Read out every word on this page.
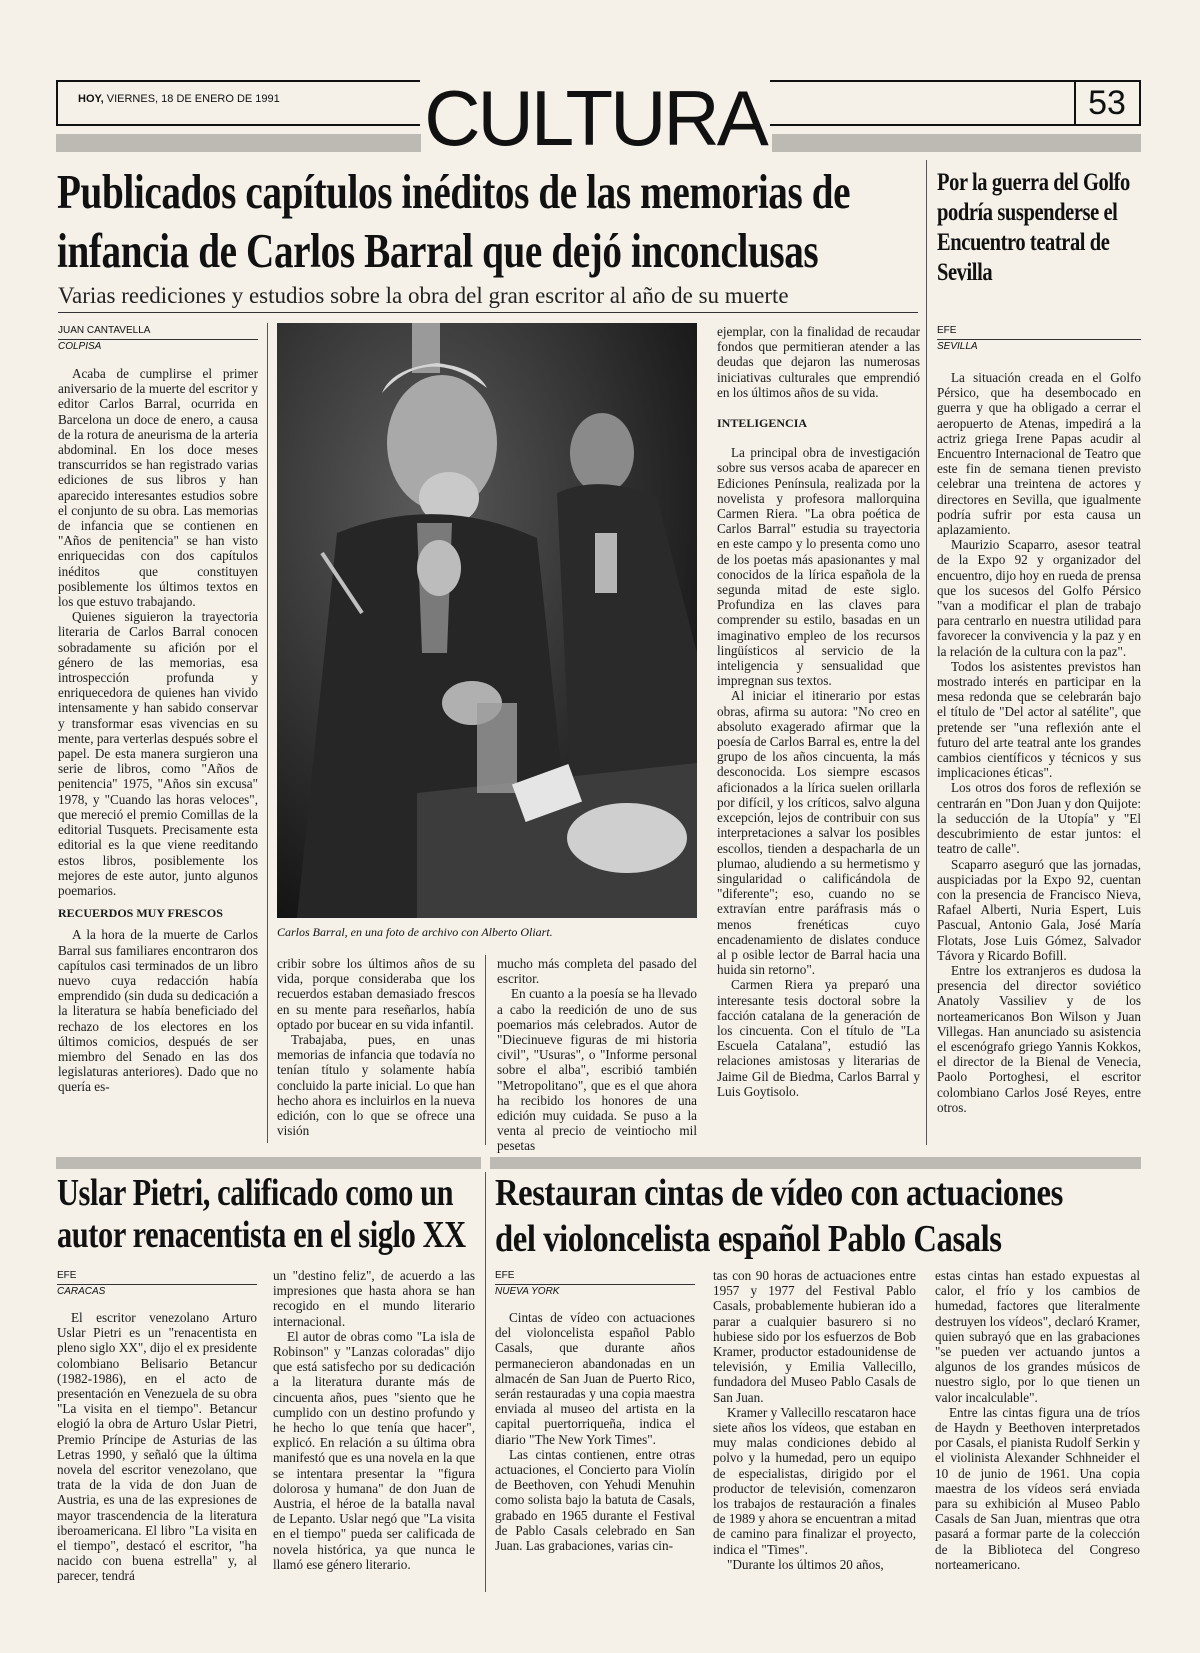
HOY, VIERNES, 18 DE ENERO DE 1991 CULTURA	53
Publicados capítulos inéditos de las memorias de
infancia de Carlos Barral que dejó inconclusas
Varias reediciones y estudios sobre la obra del gran escritor al año de su muerte
JUAN CANTAVELLA
COLPISA

Acaba de cumplirse el primer aniversario de la muerte del escritor y editor Carlos Barral, ocurrida en Barcelona un doce de enero, a causa de la rotura de aneurisma de la arteria abdominal. En los doce meses transcurridos se han registrado varias ediciones de sus libros y han aparecido interesantes estudios sobre el conjunto de su obra. Las memorias de infancia que se contienen en "Años de penitencia" se han visto enriquecidas con dos capítulos inéditos que constituyen posiblemente los últimos textos en los que estuvo trabajando.

Quienes siguieron la trayectoria literaria de Carlos Barral conocen sobradamente su afición por el género de las memorias, esa introspección profunda y enriquecedora de quienes han vivido intensamente y han sabido conservar y transformar esas vivencias en su mente, para verterlas después sobre el papel. De esta manera surgieron una serie de libros, como "Años de penitencia" 1975, "Años sin excusa" 1978, y "Cuando las horas veloces", que mereció el premio Comillas de la editorial Tusquets. Precisamente esta editorial es la que viene reeditando estos libros, posiblemente los mejores de este autor, junto algunos poemarios.

RECUERDOS MUY FRESCOS

A la hora de la muerte de Carlos Barral sus familiares encontraron dos capítulos casi terminados de un libro nuevo cuya redacción había emprendido (sin duda su dedicación a la literatura se había beneficiado del rechazo de los electores en los últimos comicios, después de ser miembro del Senado en las dos legislaturas anteriores). Dado que no quería es-

Carlos Barral, en una foto de archivo con Alberto Oliart.

cribir sobre los últimos años de su vida, porque consideraba que los recuerdos estaban demasiado frescos en su mente para reseñarlos, había optado por bucear en su vida infantil.

Trabajaba, pues, en unas memorias de infancia que todavía no tenían título y solamente había concluido la parte inicial. Lo que han hecho ahora es incluirlos en la nueva edición, con lo que se ofrece una visión

mucho más completa del pasado del escritor.

En cuanto a la poesía se ha llevado a cabo la reedición de uno de sus poemarios más celebrados. Autor de "Diecinueve figuras de mi historia civil", "Usuras", o "Informe personal sobre el alba", escribió también "Metropolitano", que es el que ahora ha recibido los honores de una edición muy cuidada. Se puso a la venta al precio de veintiocho mil pesetas

ejemplar, con la finalidad de recaudar fondos que permitieran atender a las deudas que dejaron las numerosas iniciativas culturales que emprendió en los últimos años de su vida.

INTELIGENCIA

La principal obra de investigación sobre sus versos acaba de aparecer en Ediciones Península, realizada por la novelista y profesora mallorquina Carmen Riera. "La obra poética de Carlos Barral" estudia su trayectoria en este campo y lo presenta como uno de los poetas más apasionantes y mal conocidos de la lírica española de la segunda mitad de este siglo. Profundiza en las claves para comprender su estilo, basadas en un imaginativo empleo de los recursos lingüísticos al servicio de la inteligencia y sensualidad que impregnan sus textos.

Al iniciar el itinerario por estas obras, afirma su autora: "No creo en absoluto exagerado afirmar que la poesía de Carlos Barral es, entre la del grupo de los años cincuenta, la más desconocida. Los siempre escasos aficionados a la lírica suelen orillarla por difícil, y los críticos, salvo alguna excepción, lejos de contribuir con sus interpretaciones a salvar los posibles escollos, tienden a despacharla de un plumao, aludiendo a su hermetismo y singularidad o calificándola de "diferente"; eso, cuando no se extravían entre paráfrasis más o menos frenéticas cuyo encadenamiento de dislates conduce al p osible lector de Barral hacia una huida sin retorno".

Carmen Riera ya preparó una interesante tesis doctoral sobre la facción catalana de la generación de los cincuenta. Con el título de "La Escuela Catalana", estudió las relaciones amistosas y literarias de Jaime Gil de Biedma, Carlos Barral y Luis Goytisolo.

Por la guerra del Golfo podría suspenderse el Encuentro teatral de Sevilla
EFE
SEVILLA

La situación creada en el Golfo Pérsico, que ha desembocado en guerra y que ha obligado a cerrar el aeropuerto de Atenas, impedirá a la actriz griega Irene Papas acudir al Encuentro Internacional de Teatro que este fin de semana tienen previsto celebrar una treintena de actores y directores en Sevilla, que igualmente podría sufrir por esta causa un aplazamiento.

Maurizio Scaparro, asesor teatral de la Expo 92 y organizador del encuentro, dijo hoy en rueda de prensa que los sucesos del Golfo Pérsico "van a modificar el plan de trabajo para centrarlo en nuestra utilidad para favorecer la convivencia y la paz y en la relación de la cultura con la paz".

Todos los asistentes previstos han mostrado interés en participar en la mesa redonda que se celebrarán bajo el título de "Del actor al satélite", que pretende ser "una reflexión ante el futuro del arte teatral ante los grandes cambios científicos y técnicos y sus implicaciones éticas".

Los otros dos foros de reflexión se centrarán en "Don Juan y don Quijote: la seducción de la Utopía" y "El descubrimiento de estar juntos: el teatro de calle".

Scaparro aseguró que las jornadas, auspiciadas por la Expo 92, cuentan con la presencia de Francisco Nieva, Rafael Alberti, Nuria Espert, Luis Pascual, Antonio Gala, José María Flotats, Jose Luis Gómez, Salvador Távora y Ricardo Bofill.

Entre los extranjeros es dudosa la presencia del director soviético Anatoly Vassiliev y de los norteamericanos Bon Wilson y Juan Villegas. Han anunciado su asistencia el escenógrafo griego Yannis Kokkos, el director de la Bienal de Venecia, Paolo Portoghesi, el escritor colombiano Carlos José Reyes, entre otros.

Uslar Pietri, calificado como un
autor renacentista en el siglo XX
EFE
CARACAS

El escritor venezolano Arturo Uslar Pietri es un "renacentista en pleno siglo XX", dijo el ex presidente colombiano Belisario Betancur (1982-1986), en el acto de presentación en Venezuela de su obra "La visita en el tiempo". Betancur elogió la obra de Arturo Uslar Pietri, Premio Príncipe de Asturias de las Letras 1990, y señaló que la última novela del escritor venezolano, que trata de la vida de don Juan de Austria, es una de las expresiones de mayor trascendencia de la literatura iberoamericana. El libro "La visita en el tiempo", destacó el escritor, "ha nacido con buena estrella" y, al parecer, tendrá

un "destino feliz", de acuerdo a las impresiones que hasta ahora se han recogido en el mundo literario internacional.

El autor de obras como "La isla de Robinson" y "Lanzas coloradas" dijo que está satisfecho por su dedicación a la literatura durante más de cincuenta años, pues "siento que he cumplido con un destino profundo y he hecho lo que tenía que hacer", explicó. En relación a su última obra manifestó que es una novela en la que se intentara presentar la "figura dolorosa y humana" de don Juan de Austria, el héroe de la batalla naval de Lepanto. Uslar negó que "La visita en el tiempo" pueda ser calificada de novela histórica, ya que nunca le llamó ese género literario.

Restauran cintas de vídeo con actuaciones
del violoncelista español Pablo Casals
EFE
NUEVA YORK

Cintas de vídeo con actuaciones del violoncelista español Pablo Casals, que durante años permanecieron abandonadas en un almacén de San Juan de Puerto Rico, serán restauradas y una copia maestra enviada al museo del artista en la capital puertorriqueña, indica el diario "The New York Times".

Las cintas contienen, entre otras actuaciones, el Concierto para Violín de Beethoven, con Yehudi Menuhin como solista bajo la batuta de Casals, grabado en 1965 durante el Festival de Pablo Casals celebrado en San Juan. Las grabaciones, varias cin-

tas con 90 horas de actuaciones entre 1957 y 1977 del Festival Pablo Casals, probablemente hubieran ido a parar a cualquier basurero si no hubiese sido por los esfuerzos de Bob Kramer, productor estadounidense de televisión, y Emilia Vallecillo, fundadora del Museo Pablo Casals de San Juan.

Kramer y Vallecillo rescataron hace siete años los vídeos, que estaban en muy malas condiciones debido al polvo y la humedad, pero un equipo de especialistas, dirigido por el productor de televisión, comenzaron los trabajos de restauración a finales de 1989 y ahora se encuentran a mitad de camino para finalizar el proyecto, indica el "Times".

"Durante los últimos 20 años,

estas cintas han estado expuestas al calor, el frío y los cambios de humedad, factores que literalmente destruyen los vídeos", declaró Kramer, quien subrayó que en las grabaciones "se pueden ver actuando juntos a algunos de los grandes músicos de nuestro siglo, por lo que tienen un valor incalculable".

Entre las cintas figura una de tríos de Haydn y Beethoven interpretados por Casals, el pianista Rudolf Serkin y el violinista Alexander Schhneider el 10 de junio de 1961. Una copia maestra de los vídeos será enviada para su exhibición al Museo Pablo Casals de San Juan, mientras que otra pasará a formar parte de la colección de la Biblioteca del Congreso norteamericano.
